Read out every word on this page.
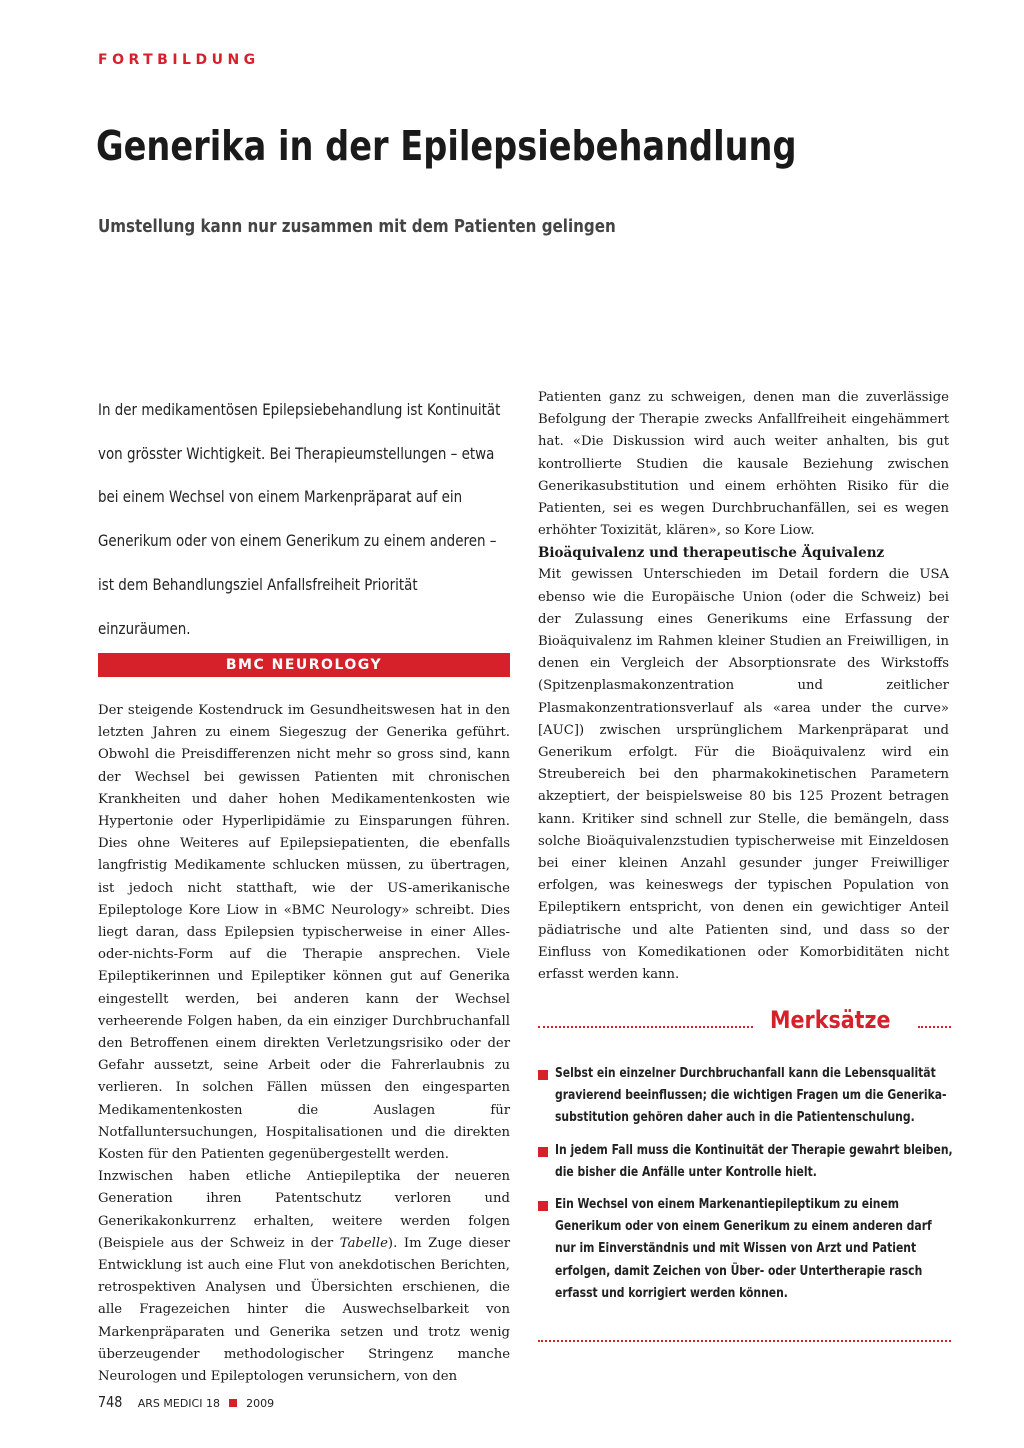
FORTBILDUNG
Generika in der Epilepsiebehandlung
Umstellung kann nur zusammen mit dem Patienten gelingen

In der medikamentösen Epilepsiebehandlung ist Kontinuität von grösster Wichtigkeit. Bei Therapieumstellungen – etwa bei einem Wechsel von einem Markenpräparat auf ein Generikum oder von einem Generikum zu einem anderen – ist dem Behandlungsziel Anfallsfreiheit Priorität einzuräumen.

BMC NEUROLOGY

Der steigende Kostendruck im Gesundheitswesen hat in den letzten Jahren zu einem Siegeszug der Generika geführt. Obwohl die Preisdifferenzen nicht mehr so gross sind, kann der Wechsel bei gewissen Patienten mit chronischen Krankheiten und daher hohen Medikamentenkosten wie Hypertonie oder Hyperlipidämie zu Einsparungen führen. Dies ohne Weiteres auf Epilepsiepatienten, die ebenfalls langfristig Medikamente schlucken müssen, zu übertragen, ist jedoch nicht statthaft, wie der US-amerikanische Epileptologe Kore Liow in «BMC Neurology» schreibt. Dies liegt daran, dass Epilepsien typischerweise in einer Alles-oder-nichts-Form auf die Therapie ansprechen. Viele Epileptikerinnen und Epileptiker können gut auf Generika eingestellt werden, bei anderen kann der Wechsel verheerende Folgen haben, da ein einziger Durchbruchanfall den Betroffenen einem direkten Verletzungsrisiko oder der Gefahr aussetzt, seine Arbeit oder die Fahrerlaubnis zu verlieren. In solchen Fällen müssen den eingesparten Medikamentenkosten die Auslagen für Notfalluntersuchungen, Hospitalisationen und die direkten Kosten für den Patienten gegenübergestellt werden.

Inzwischen haben etliche Antiepileptika der neueren Generation ihren Patentschutz verloren und Generikakonkurrenz erhalten, weitere werden folgen (Beispiele aus der Schweiz in der Tabelle). Im Zuge dieser Entwicklung ist auch eine Flut von anekdotischen Berichten, retrospektiven Analysen und Übersichten erschienen, die alle Fragezeichen hinter die Auswechselbarkeit von Markenpräparaten und Generika setzen und trotz wenig überzeugender methodologischer Stringenz manche Neurologen und Epileptologen verunsichern, von den

Patienten ganz zu schweigen, denen man die zuverlässige Befolgung der Therapie zwecks Anfallfreiheit eingehämmert hat. «Die Diskussion wird auch weiter anhalten, bis gut kontrollierte Studien die kausale Beziehung zwischen Generikasubstitution und einem erhöhten Risiko für die Patienten, sei es wegen Durchbruchanfällen, sei es wegen erhöhter Toxizität, klären», so Kore Liow.

Bioäquivalenz und therapeutische Äquivalenz

Mit gewissen Unterschieden im Detail fordern die USA ebenso wie die Europäische Union (oder die Schweiz) bei der Zulassung eines Generikums eine Erfassung der Bioäquivalenz im Rahmen kleiner Studien an Freiwilligen, in denen ein Vergleich der Absorptionsrate des Wirkstoffs (Spitzenplasmakonzentration und zeitlicher Plasmakonzentrationsverlauf als «area under the curve» [AUC]) zwischen ursprünglichem Markenpräparat und Generikum erfolgt. Für die Bioäquivalenz wird ein Streubereich bei den pharmakokinetischen Parametern akzeptiert, der beispielsweise 80 bis 125 Prozent betragen kann. Kritiker sind schnell zur Stelle, die bemängeln, dass solche Bioäquivalenzstudien typischerweise mit Einzeldosen bei einer kleinen Anzahl gesunder junger Freiwilliger erfolgen, was keineswegs der typischen Population von Epileptikern entspricht, von denen ein gewichtiger Anteil pädiatrische und alte Patienten sind, und dass so der Einfluss von Komedikationen oder Komorbiditäten nicht erfasst werden kann.

Merksätze
Selbst ein einzelner Durchbruchanfall kann die Lebensqualität gravierend beeinflussen; die wichtigen Fragen um die Generikasubstitution gehören daher auch in die Patientenschulung.
In jedem Fall muss die Kontinuität der Therapie gewahrt bleiben, die bisher die Anfälle unter Kontrolle hielt.
Ein Wechsel von einem Markenantiepileptikum zu einem Generikum oder von einem Generikum zu einem anderen darf nur im Einverständnis und mit Wissen von Arzt und Patient erfolgen, damit Zeichen von Über- oder Untertherapie rasch erfasst und korrigiert werden können.
748 ARS MEDICI 18 2009
